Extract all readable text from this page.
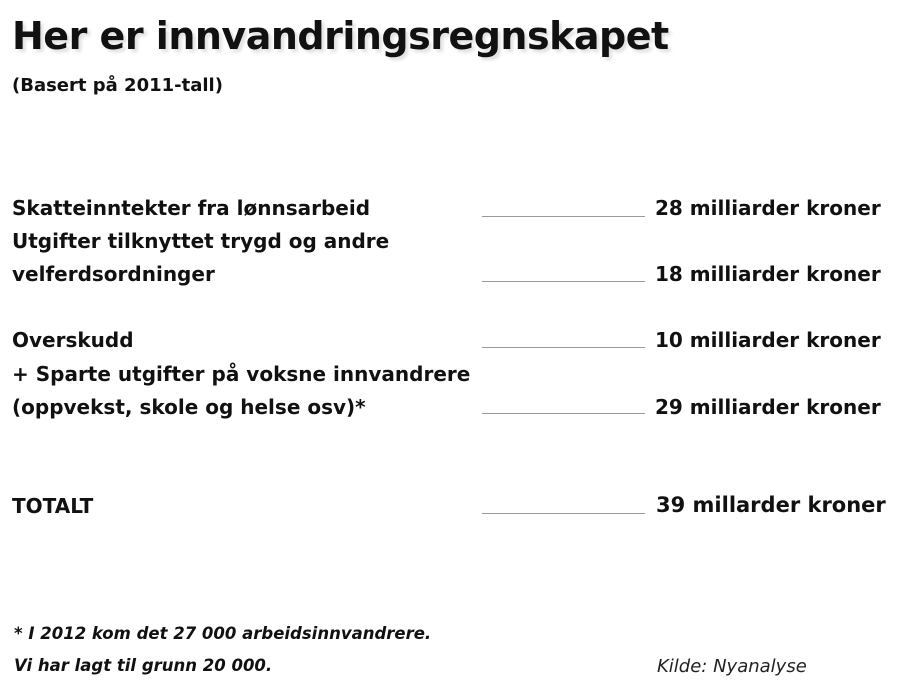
Her er innvandringsregnskapet
(Basert på 2011-tall)
Skatteinntekter fra lønnsarbeid	28 milliarder kroner
Utgifter tilknyttet trygd og andre
velferdsordninger	18 milliarder kroner
Overskudd	10 milliarder kroner
+ Sparte utgifter på voksne innvandrere
(oppvekst, skole og helse osv)*	29 milliarder kroner
TOTALT	39 millarder kroner
* I 2012 kom det 27 000 arbeidsinnvandrere.
Vi har lagt til grunn 20 000.	Kilde: Nyanalyse
